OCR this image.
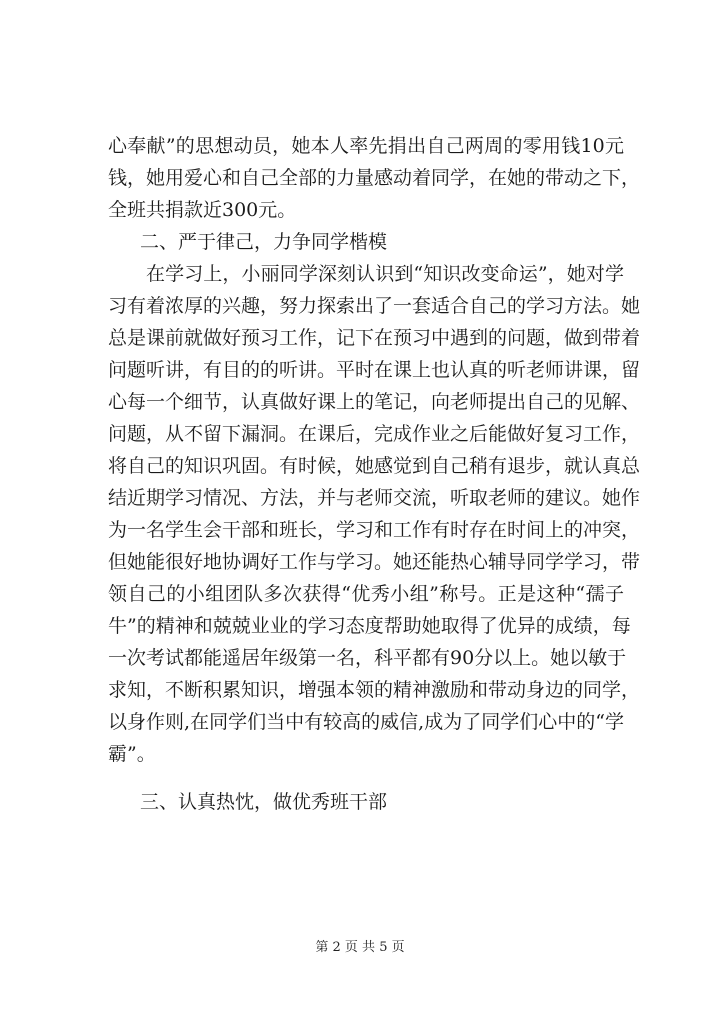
心奉献”的思想动员，她本人率先捐出自己两周的零用钱10元
钱，她用爱心和自己全部的力量感动着同学，在她的带动之下，
全班共捐款近300元。
二、严于律己，力争同学楷模
在学习上，小丽同学深刻认识到“知识改变命运”，她对学
习有着浓厚的兴趣，努力探索出了一套适合自己的学习方法。她
总是课前就做好预习工作，记下在预习中遇到的问题，做到带着
问题听讲，有目的的听讲。平时在课上也认真的听老师讲课，留
心每一个细节，认真做好课上的笔记，向老师提出自己的见解、
问题，从不留下漏洞。在课后，完成作业之后能做好复习工作，
将自己的知识巩固。有时候，她感觉到自己稍有退步，就认真总
结近期学习情况、方法，并与老师交流，听取老师的建议。她作
为一名学生会干部和班长，学习和工作有时存在时间上的冲突，
但她能很好地协调好工作与学习。她还能热心辅导同学学习，带
领自己的小组团队多次获得“优秀小组”称号。正是这种“孺子
牛”的精神和兢兢业业的学习态度帮助她取得了优异的成绩，每
一次考试都能遥居年级第一名，科平都有90分以上。她以敏于
求知，不断积累知识，增强本领的精神激励和带动身边的同学，
以身作则,在同学们当中有较高的威信,成为了同学们心中的“学
霸”。
三、认真热忱，做优秀班干部
第 2 页 共 5 页
